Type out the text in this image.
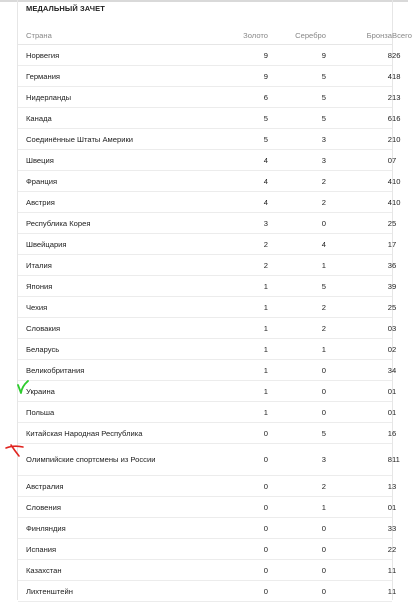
МЕДАЛЬНЫЙ ЗАЧЕТ
Страна	Золото	Серебро	Бронза	Всего
Норвегия	9	9	8	26
Германия	9	5	4	18
Нидерланды	6	5	2	13
Канада	5	5	6	16
Соединённые Штаты Америки	5	3	2	10
Швеция	4	3	0	7
Франция	4	2	4	10
Австрия	4	2	4	10
Республика Корея	3	0	2	5
Швейцария	2	4	1	7
Италия	2	1	3	6
Япония	1	5	3	9
Чехия	1	2	2	5
Словакия	1	2	0	3
Беларусь	1	1	0	2
Великобритания	1	0	3	4
Украина	1	0	0	1
Польша	1	0	0	1
Китайская Народная Республика	0	5	1	6
Олимпийские спортсмены из России	0	3	8	11
Австралия	0	2	1	3
Словения	0	1	0	1
Финляндия	0	0	3	3
Испания	0	0	2	2
Казахстан	0	0	1	1
Лихтенштейн	0	0	1	1
